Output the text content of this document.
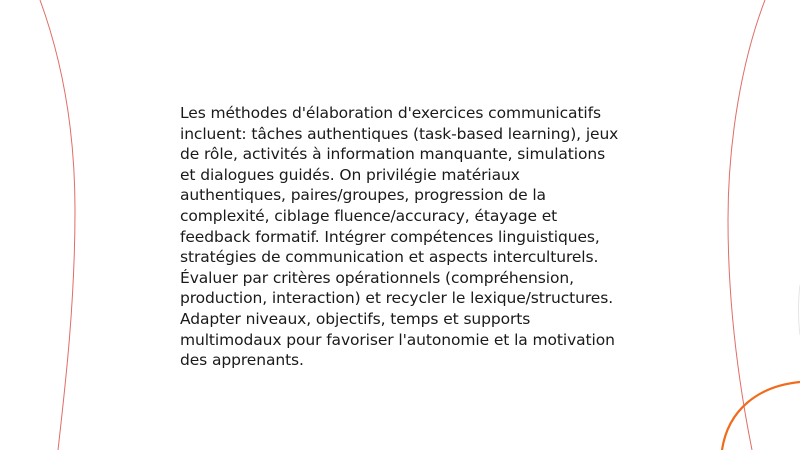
Les méthodes d'élaboration d'exercices communicatifs incluent: tâches authentiques (task-based learning), jeux de rôle, activités à information manquante, simulations et dialogues guidés. On privilégie matériaux authentiques, paires/groupes, progression de la complexité, ciblage fluence/accuracy, étayage et feedback formatif. Intégrer compétences linguistiques, stratégies de communication et aspects interculturels. Évaluer par critères opérationnels (compréhension, production, interaction) et recycler le lexique/structures. Adapter niveaux, objectifs, temps et supports multimodaux pour favoriser l'autonomie et la motivation des apprenants.
